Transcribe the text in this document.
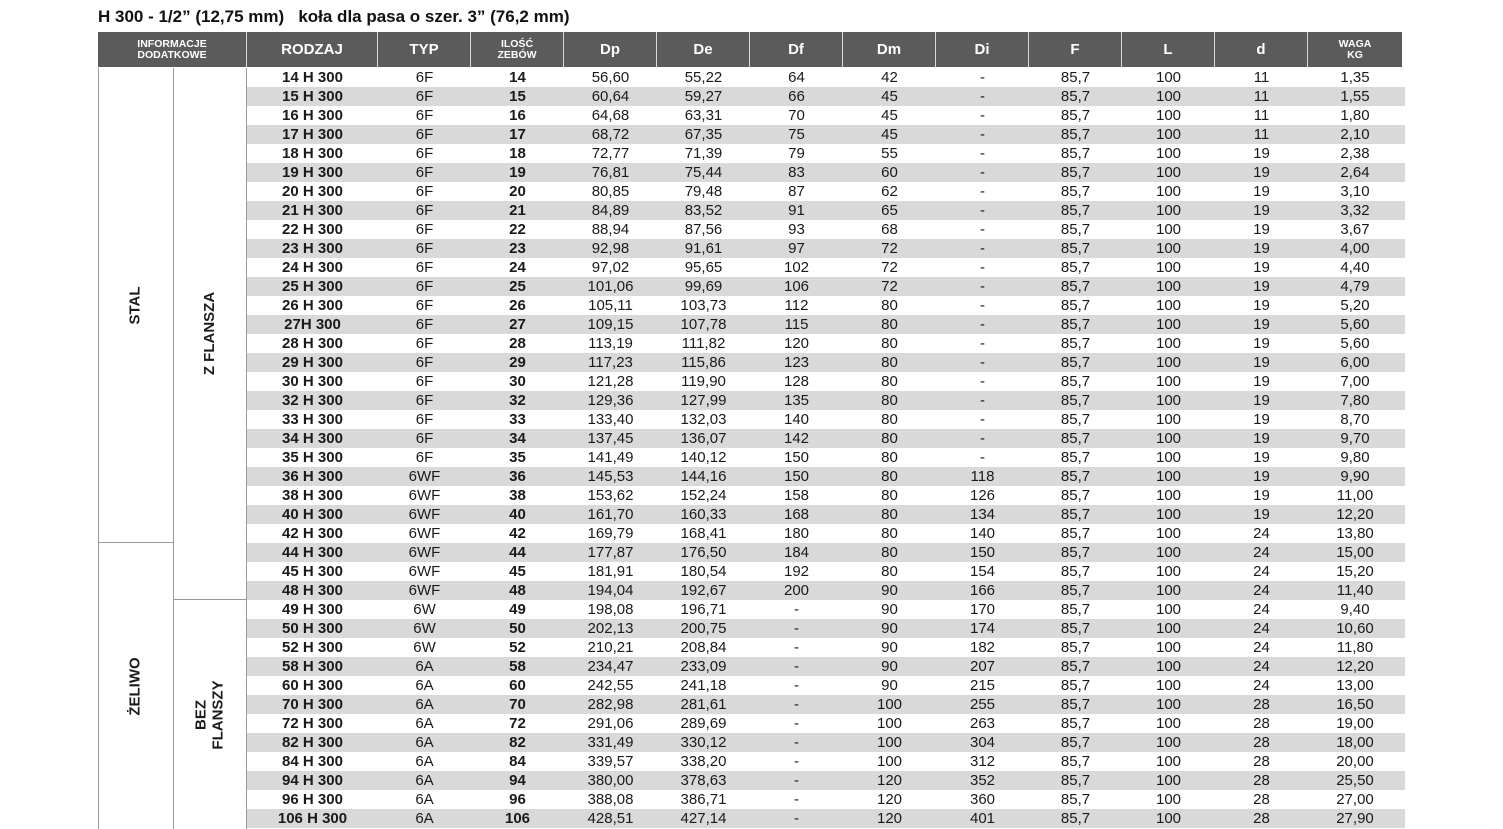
H 300 - 1/2” (12,75 mm)   koła dla pasa o szer. 3” (76,2 mm)
INFORMACJE
DODATKOWE	RODZAJ	TYP	ILOŚĆ
ZEBÓW	Dp	De	Df	Dm	Di	F	L	d	WAGA
KG
STAL
ŻELIWO
Z FLANSZA
BEZ
FLANSZY
14 H 300	6F	14	56,60	55,22	64	42	-	85,7	100	11	1,35
15 H 300	6F	15	60,64	59,27	66	45	-	85,7	100	11	1,55
16 H 300	6F	16	64,68	63,31	70	45	-	85,7	100	11	1,80
17 H 300	6F	17	68,72	67,35	75	45	-	85,7	100	11	2,10
18 H 300	6F	18	72,77	71,39	79	55	-	85,7	100	19	2,38
19 H 300	6F	19	76,81	75,44	83	60	-	85,7	100	19	2,64
20 H 300	6F	20	80,85	79,48	87	62	-	85,7	100	19	3,10
21 H 300	6F	21	84,89	83,52	91	65	-	85,7	100	19	3,32
22 H 300	6F	22	88,94	87,56	93	68	-	85,7	100	19	3,67
23 H 300	6F	23	92,98	91,61	97	72	-	85,7	100	19	4,00
24 H 300	6F	24	97,02	95,65	102	72	-	85,7	100	19	4,40
25 H 300	6F	25	101,06	99,69	106	72	-	85,7	100	19	4,79
26 H 300	6F	26	105,11	103,73	112	80	-	85,7	100	19	5,20
27H 300	6F	27	109,15	107,78	115	80	-	85,7	100	19	5,60
28 H 300	6F	28	113,19	111,82	120	80	-	85,7	100	19	5,60
29 H 300	6F	29	117,23	115,86	123	80	-	85,7	100	19	6,00
30 H 300	6F	30	121,28	119,90	128	80	-	85,7	100	19	7,00
32 H 300	6F	32	129,36	127,99	135	80	-	85,7	100	19	7,80
33 H 300	6F	33	133,40	132,03	140	80	-	85,7	100	19	8,70
34 H 300	6F	34	137,45	136,07	142	80	-	85,7	100	19	9,70
35 H 300	6F	35	141,49	140,12	150	80	-	85,7	100	19	9,80
36 H 300	6WF	36	145,53	144,16	150	80	118	85,7	100	19	9,90
38 H 300	6WF	38	153,62	152,24	158	80	126	85,7	100	19	11,00
40 H 300	6WF	40	161,70	160,33	168	80	134	85,7	100	19	12,20
42 H 300	6WF	42	169,79	168,41	180	80	140	85,7	100	24	13,80
44 H 300	6WF	44	177,87	176,50	184	80	150	85,7	100	24	15,00
45 H 300	6WF	45	181,91	180,54	192	80	154	85,7	100	24	15,20
48 H 300	6WF	48	194,04	192,67	200	90	166	85,7	100	24	11,40
49 H 300	6W	49	198,08	196,71	-	90	170	85,7	100	24	9,40
50 H 300	6W	50	202,13	200,75	-	90	174	85,7	100	24	10,60
52 H 300	6W	52	210,21	208,84	-	90	182	85,7	100	24	11,80
58 H 300	6A	58	234,47	233,09	-	90	207	85,7	100	24	12,20
60 H 300	6A	60	242,55	241,18	-	90	215	85,7	100	24	13,00
70 H 300	6A	70	282,98	281,61	-	100	255	85,7	100	28	16,50
72 H 300	6A	72	291,06	289,69	-	100	263	85,7	100	28	19,00
82 H 300	6A	82	331,49	330,12	-	100	304	85,7	100	28	18,00
84 H 300	6A	84	339,57	338,20	-	100	312	85,7	100	28	20,00
94 H 300	6A	94	380,00	378,63	-	120	352	85,7	100	28	25,50
96 H 300	6A	96	388,08	386,71	-	120	360	85,7	100	28	27,00
106 H 300	6A	106	428,51	427,14	-	120	401	85,7	100	28	27,90
